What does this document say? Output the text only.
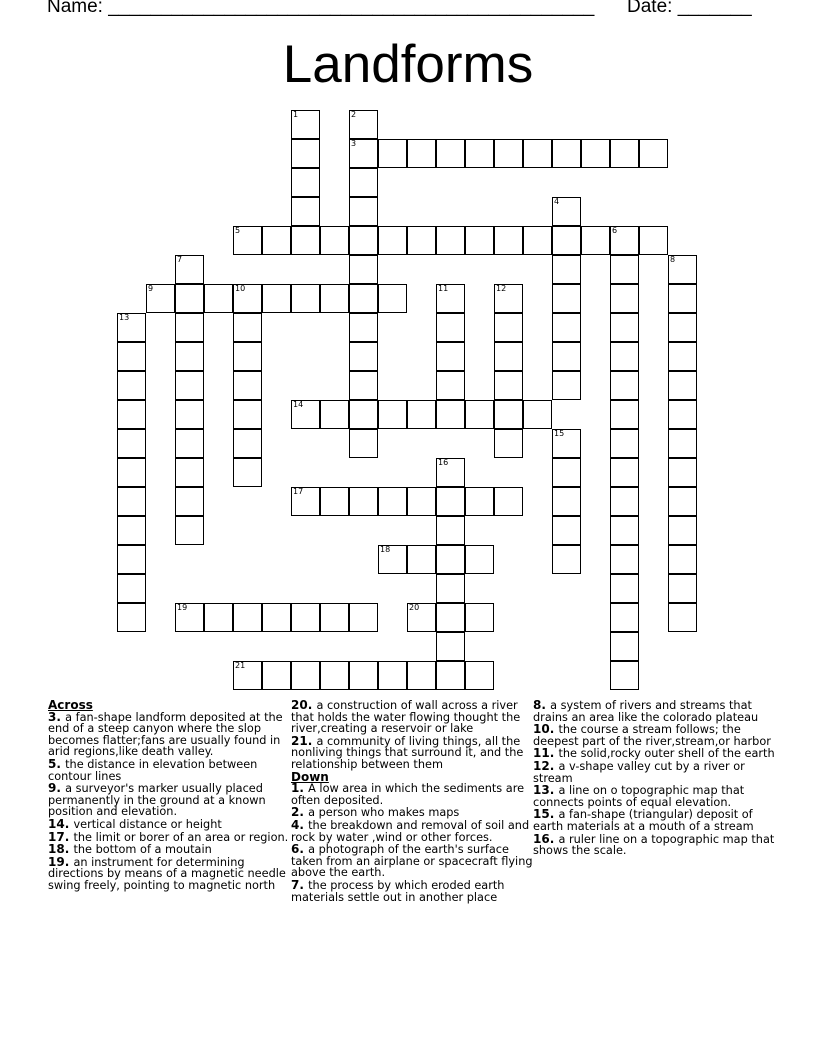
Name: ______________________________________________ Date: _______
Landforms
1	2
3
4
5	6
7	8
9	10	11	12
13
14
15
16
17
18
19	20
21
Across
3. a fan-shape landform deposited at the end of a steep canyon where the slop becomes flatter;fans are usually found in arid regions,like death valley.
5. the distance in elevation between contour lines
9. a surveyor's marker usually placed permanently in the ground at a known position and elevation.
14. vertical distance or height
17. the limit or borer of an area or region.
18. the bottom of a moutain
19. an instrument for determining directions by means of a magnetic needle swing freely, pointing to magnetic north
20. a construction of wall across a river that holds the water flowing thought the river,creating a reservoir or lake
21. a community of living things, all the nonliving things that surround it, and the relationship between them
Down
1. A low area in which the sediments are often deposited.
2. a person who makes maps
4. the breakdown and removal of soil and rock by water ,wind or other forces.
6. a photograph of the earth's surface taken from an airplane or spacecraft flying above the earth.
7. the process by which eroded earth materials settle out in another place
8. a system of rivers and streams that drains an area like the colorado plateau
10. the course a stream follows; the deepest part of the river,stream,or harbor
11. the solid,rocky outer shell of the earth
12. a v-shape valley cut by a river or stream
13. a line on o topographic map that connects points of equal elevation.
15. a fan-shape (triangular) deposit of earth materials at a mouth of a stream
16. a ruler line on a topographic map that shows the scale.
